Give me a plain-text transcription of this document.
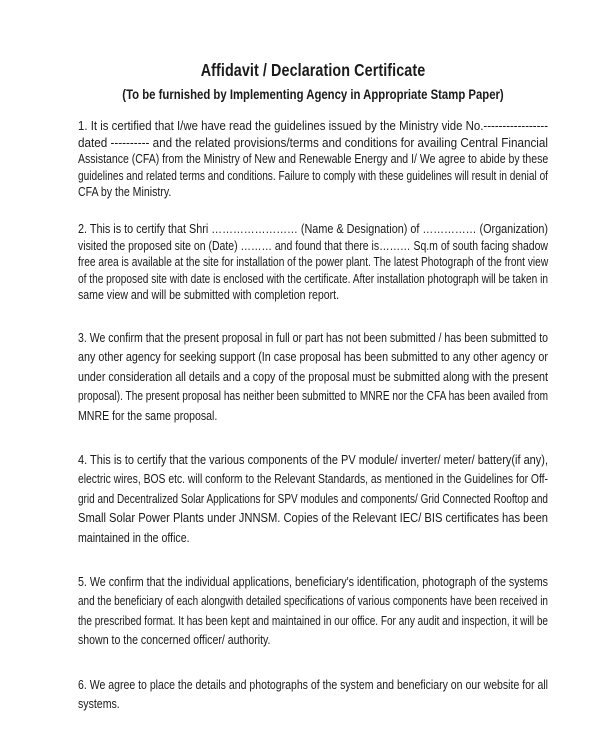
Affidavit / Declaration Certificate
(To be furnished by Implementing Agency in Appropriate Stamp Paper)
1. It is certified that I/we have read the guidelines issued by the Ministry vide No.-----------------
dated ---------- and the related provisions/terms and conditions for availing Central Financial
Assistance (CFA) from the Ministry of New and Renewable Energy and I/ We agree to abide by these
guidelines and related terms and conditions. Failure to comply with these guidelines will result in denial of
CFA by the Ministry.
2. This is to certify that Shri …………………… (Name & Designation) of …………… (Organization)
visited the proposed site on (Date) ……… and found that there is……… Sq.m of south facing shadow
free area is available at the site for installation of the power plant. The latest Photograph of the front view
of the proposed site with date is enclosed with the certificate. After installation photograph will be taken in
same view and will be submitted with completion report.
3. We confirm that the present proposal in full or part has not been submitted / has been submitted to
any other agency for seeking support (In case proposal has been submitted to any other agency or
under consideration all details and a copy of the proposal must be submitted along with the present
proposal). The present proposal has neither been submitted to MNRE nor the CFA has been availed from
MNRE for the same proposal.
4. This is to certify that the various components of the PV module/ inverter/ meter/ battery(if any),
electric wires, BOS etc. will conform to the Relevant Standards, as mentioned in the Guidelines for Off-
grid and Decentralized Solar Applications for SPV modules and components/ Grid Connected Rooftop and
Small Solar Power Plants under JNNSM. Copies of the Relevant IEC/ BIS certificates has been
maintained in the office.
5. We confirm that the individual applications, beneficiary's identification, photograph of the systems
and the beneficiary of each alongwith detailed specifications of various components have been received in
the prescribed format. It has been kept and maintained in our office. For any audit and inspection, it will be
shown to the concerned officer/ authority.
6. We agree to place the details and photographs of the system and beneficiary on our website for all
systems.
